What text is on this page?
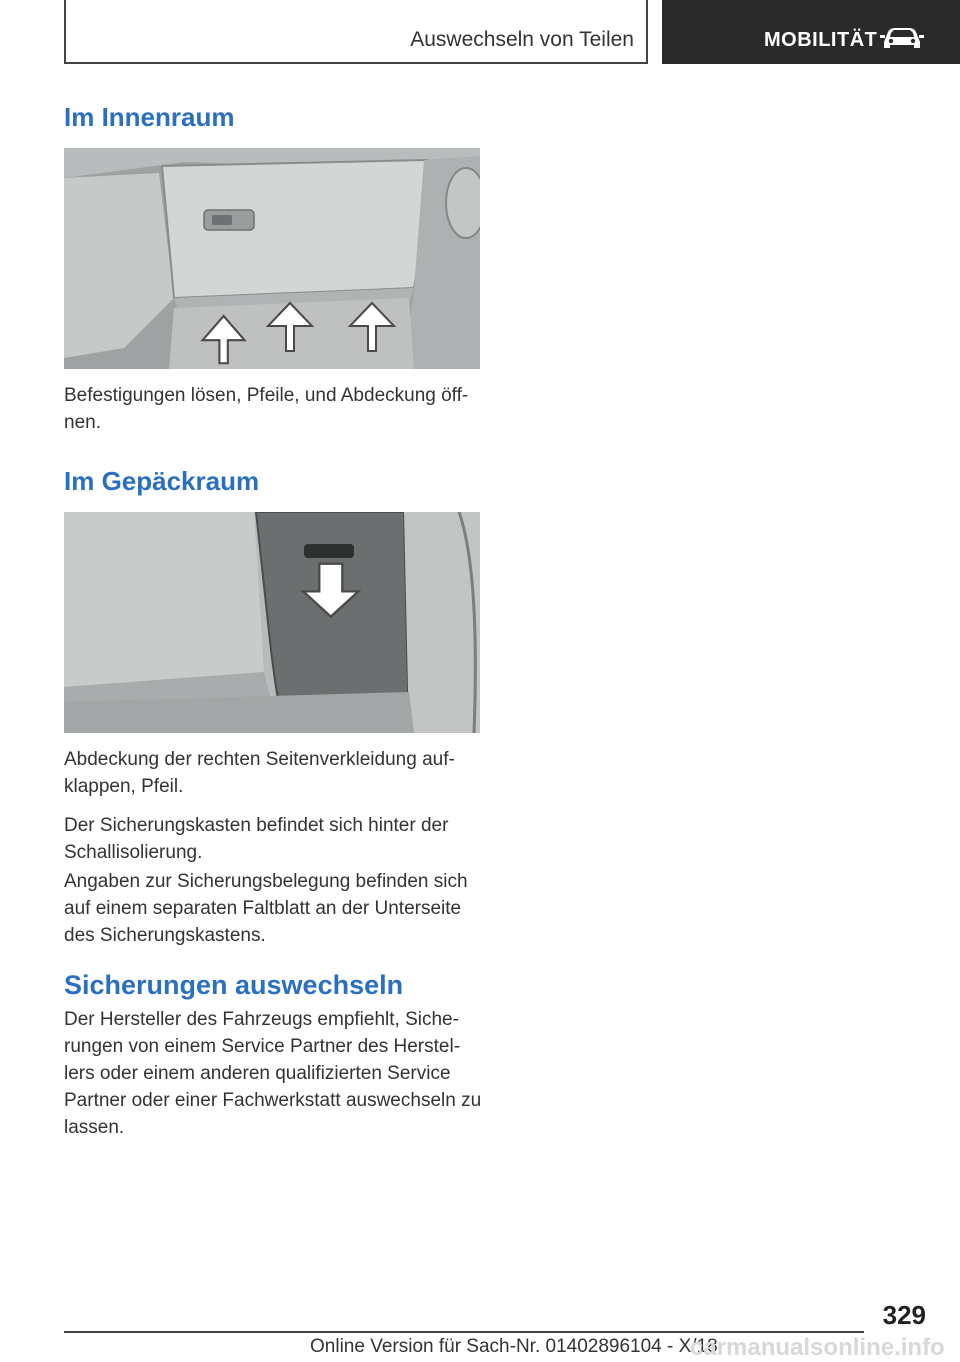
Auswechseln von Teilen	MOBILITÄT
Im Innenraum

Befestigungen lösen, Pfeile, und Abdeckung öffnen.

Im Gepäckraum

Abdeckung der rechten Seitenverkleidung aufklappen, Pfeil.

Der Sicherungskasten befindet sich hinter der Schallisolierung.

Angaben zur Sicherungsbelegung befinden sich auf einem separaten Faltblatt an der Unterseite des Sicherungskastens.

Sicherungen auswechseln

Der Hersteller des Fahrzeugs empfiehlt, Sicherungen von einem Service Partner des Herstellers oder einem anderen qualifizierten Service Partner oder einer Fachwerkstatt auswechseln zu lassen.

329
Online Version für Sach-Nr. 01402896104 - X/18
carmanualsonline.info
